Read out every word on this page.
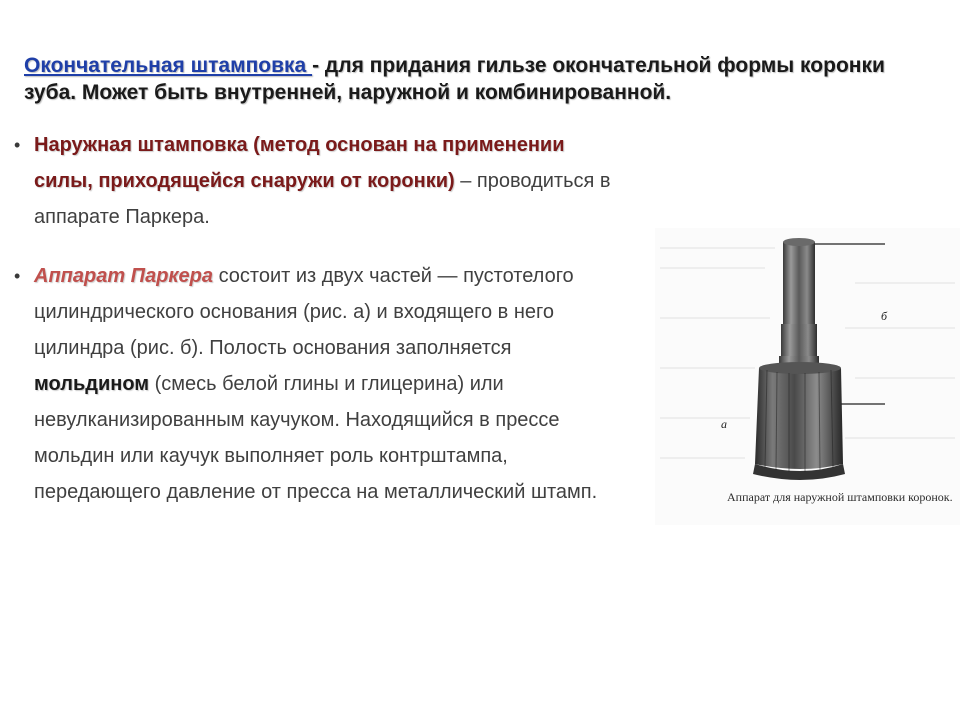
Окончательная штамповка - для придания гильзе окончательной формы коронки зуба. Может быть внутренней, наружной и комбинированной.
• Наружная штамповка (метод основан на применении силы, приходящейся снаружи от коронки) – проводиться в аппарате Паркера.
• Аппарат Паркера состоит из двух частей — пустотелого цилиндрического основания (рис. а) и входящего в него цилиндра (рис. б). Полость основания заполняется мольдином (смесь белой глины и глицерина) или невулканизированным каучуком. Находящийся в прессе мольдин или каучук выполняет роль контрштампа, передающего давление от пресса на металлический штамп.
б
а
Аппарат для наружной штамповки коронок.
